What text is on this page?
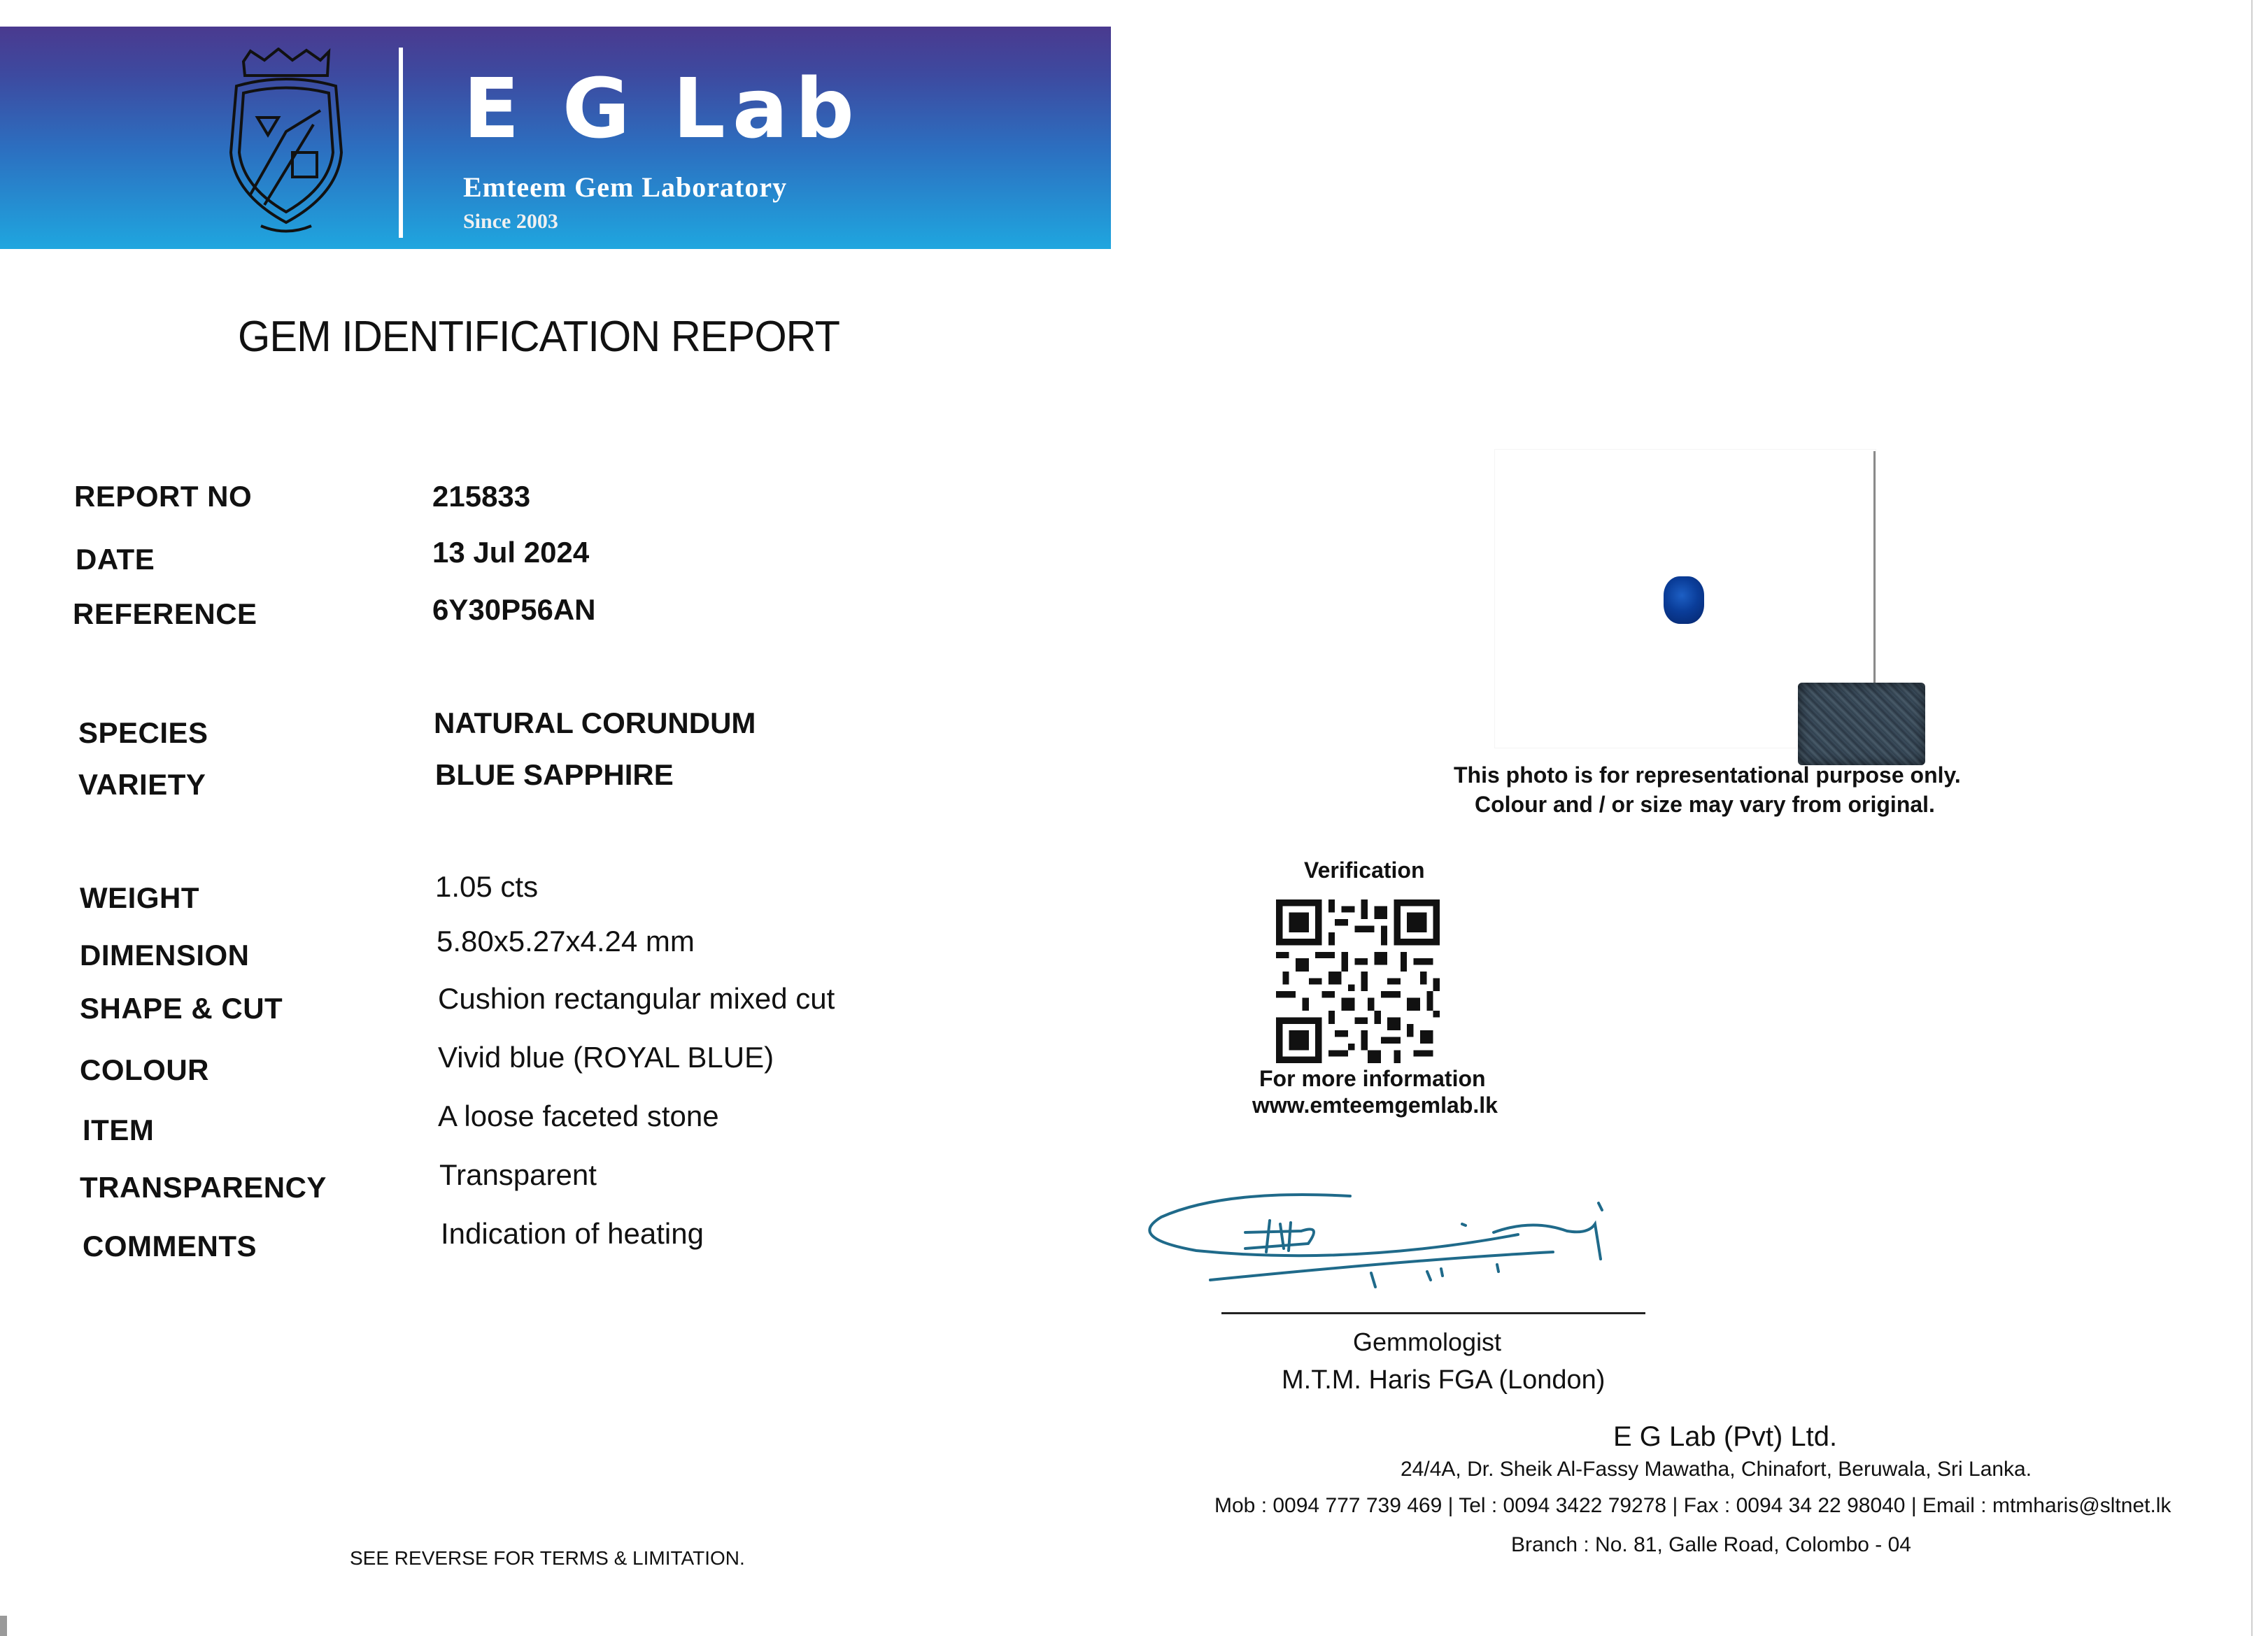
E G Lab
Emteem Gem Laboratory
Since 2003
GEM IDENTIFICATION REPORT
REPORT NO	215833
DATE	13 Jul 2024
REFERENCE	6Y30P56AN
SPECIES	NATURAL CORUNDUM
VARIETY	BLUE SAPPHIRE
WEIGHT	1.05 cts
DIMENSION	5.80x5.27x4.24 mm
SHAPE & CUT	Cushion rectangular mixed cut
COLOUR	Vivid blue (ROYAL BLUE)
ITEM	A loose faceted stone
TRANSPARENCY	Transparent
COMMENTS	Indication of heating
This photo is for representational purpose only.
Colour and / or size may vary from original.
Verification
For more information
www.emteemgemlab.lk
Gemmologist
M.T.M. Haris FGA (London)
E G Lab (Pvt) Ltd.
24/4A, Dr. Sheik Al-Fassy Mawatha, Chinafort, Beruwala, Sri Lanka.
Mob : 0094 777 739 469 | Tel : 0094 3422 79278 | Fax : 0094 34 22 98040 | Email : mtmharis@sltnet.lk
Branch : No. 81, Galle Road, Colombo - 04
SEE REVERSE FOR TERMS & LIMITATION.
